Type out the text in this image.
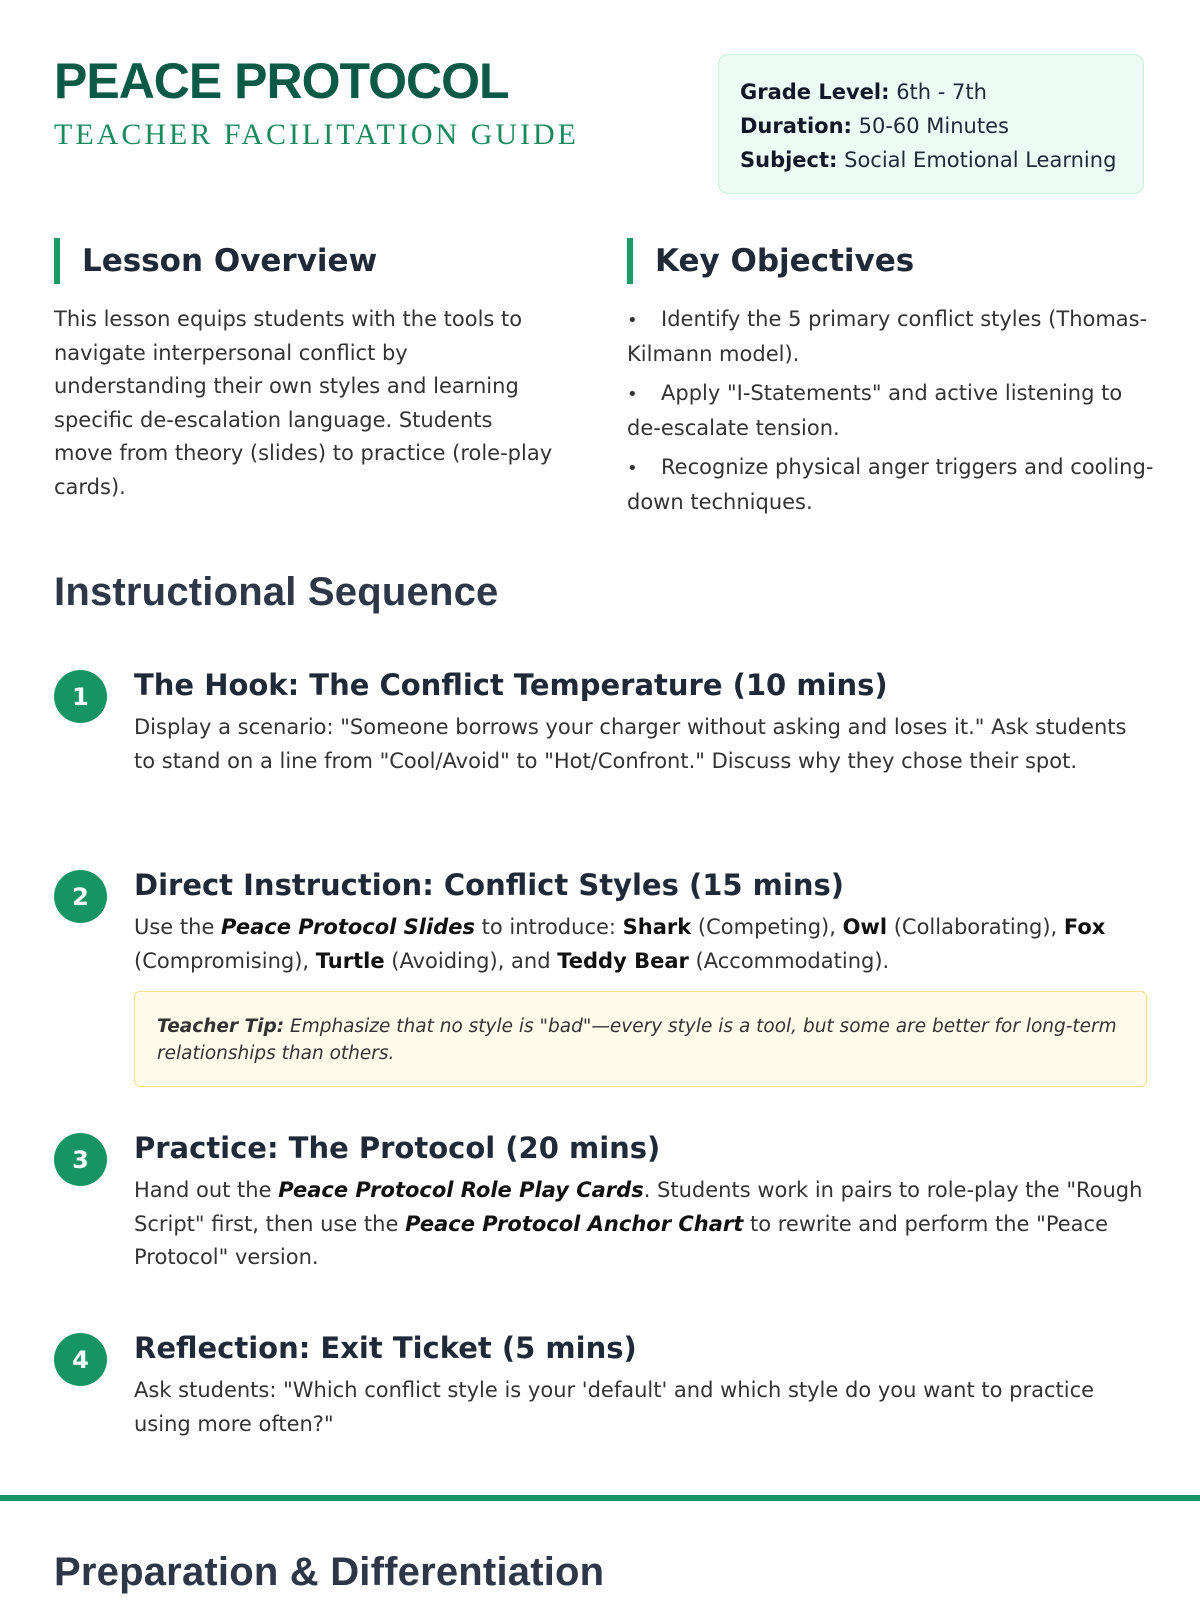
PEACE PROTOCOL
TEACHER FACILITATION GUIDE
Grade Level: 6th - 7th
Duration: 50-60 Minutes
Subject: Social Emotional Learning
Lesson Overview

This lesson equips students with the tools to navigate interpersonal conflict by understanding their own styles and learning specific de-escalation language. Students move from theory (slides) to practice (role-play cards).

Key Objectives
• Identify the 5 primary conflict styles (Thomas-Kilmann model).
• Apply "I-Statements" and active listening to de-escalate tension.
• Recognize physical anger triggers and cooling-down techniques.
Instructional Sequence
1	The Hook: The Conflict Temperature (10 mins)

Display a scenario: "Someone borrows your charger without asking and loses it." Ask students to stand on a line from "Cool/Avoid" to "Hot/Confront." Discuss why they chose their spot.

2	Direct Instruction: Conflict Styles (15 mins)

Use the Peace Protocol Slides to introduce: Shark (Competing), Owl (Collaborating), Fox (Compromising), Turtle (Avoiding), and Teddy Bear (Accommodating).

Teacher Tip: Emphasize that no style is "bad"—every style is a tool, but some are better for long-term relationships than others.
3	Practice: The Protocol (20 mins)

Hand out the Peace Protocol Role Play Cards. Students work in pairs to role-play the "Rough Script" first, then use the Peace Protocol Anchor Chart to rewrite and perform the "Peace Protocol" version.

4	Reflection: Exit Ticket (5 mins)

Ask students: "Which conflict style is your 'default' and which style do you want to practice using more often?"

Preparation & Differentiation
